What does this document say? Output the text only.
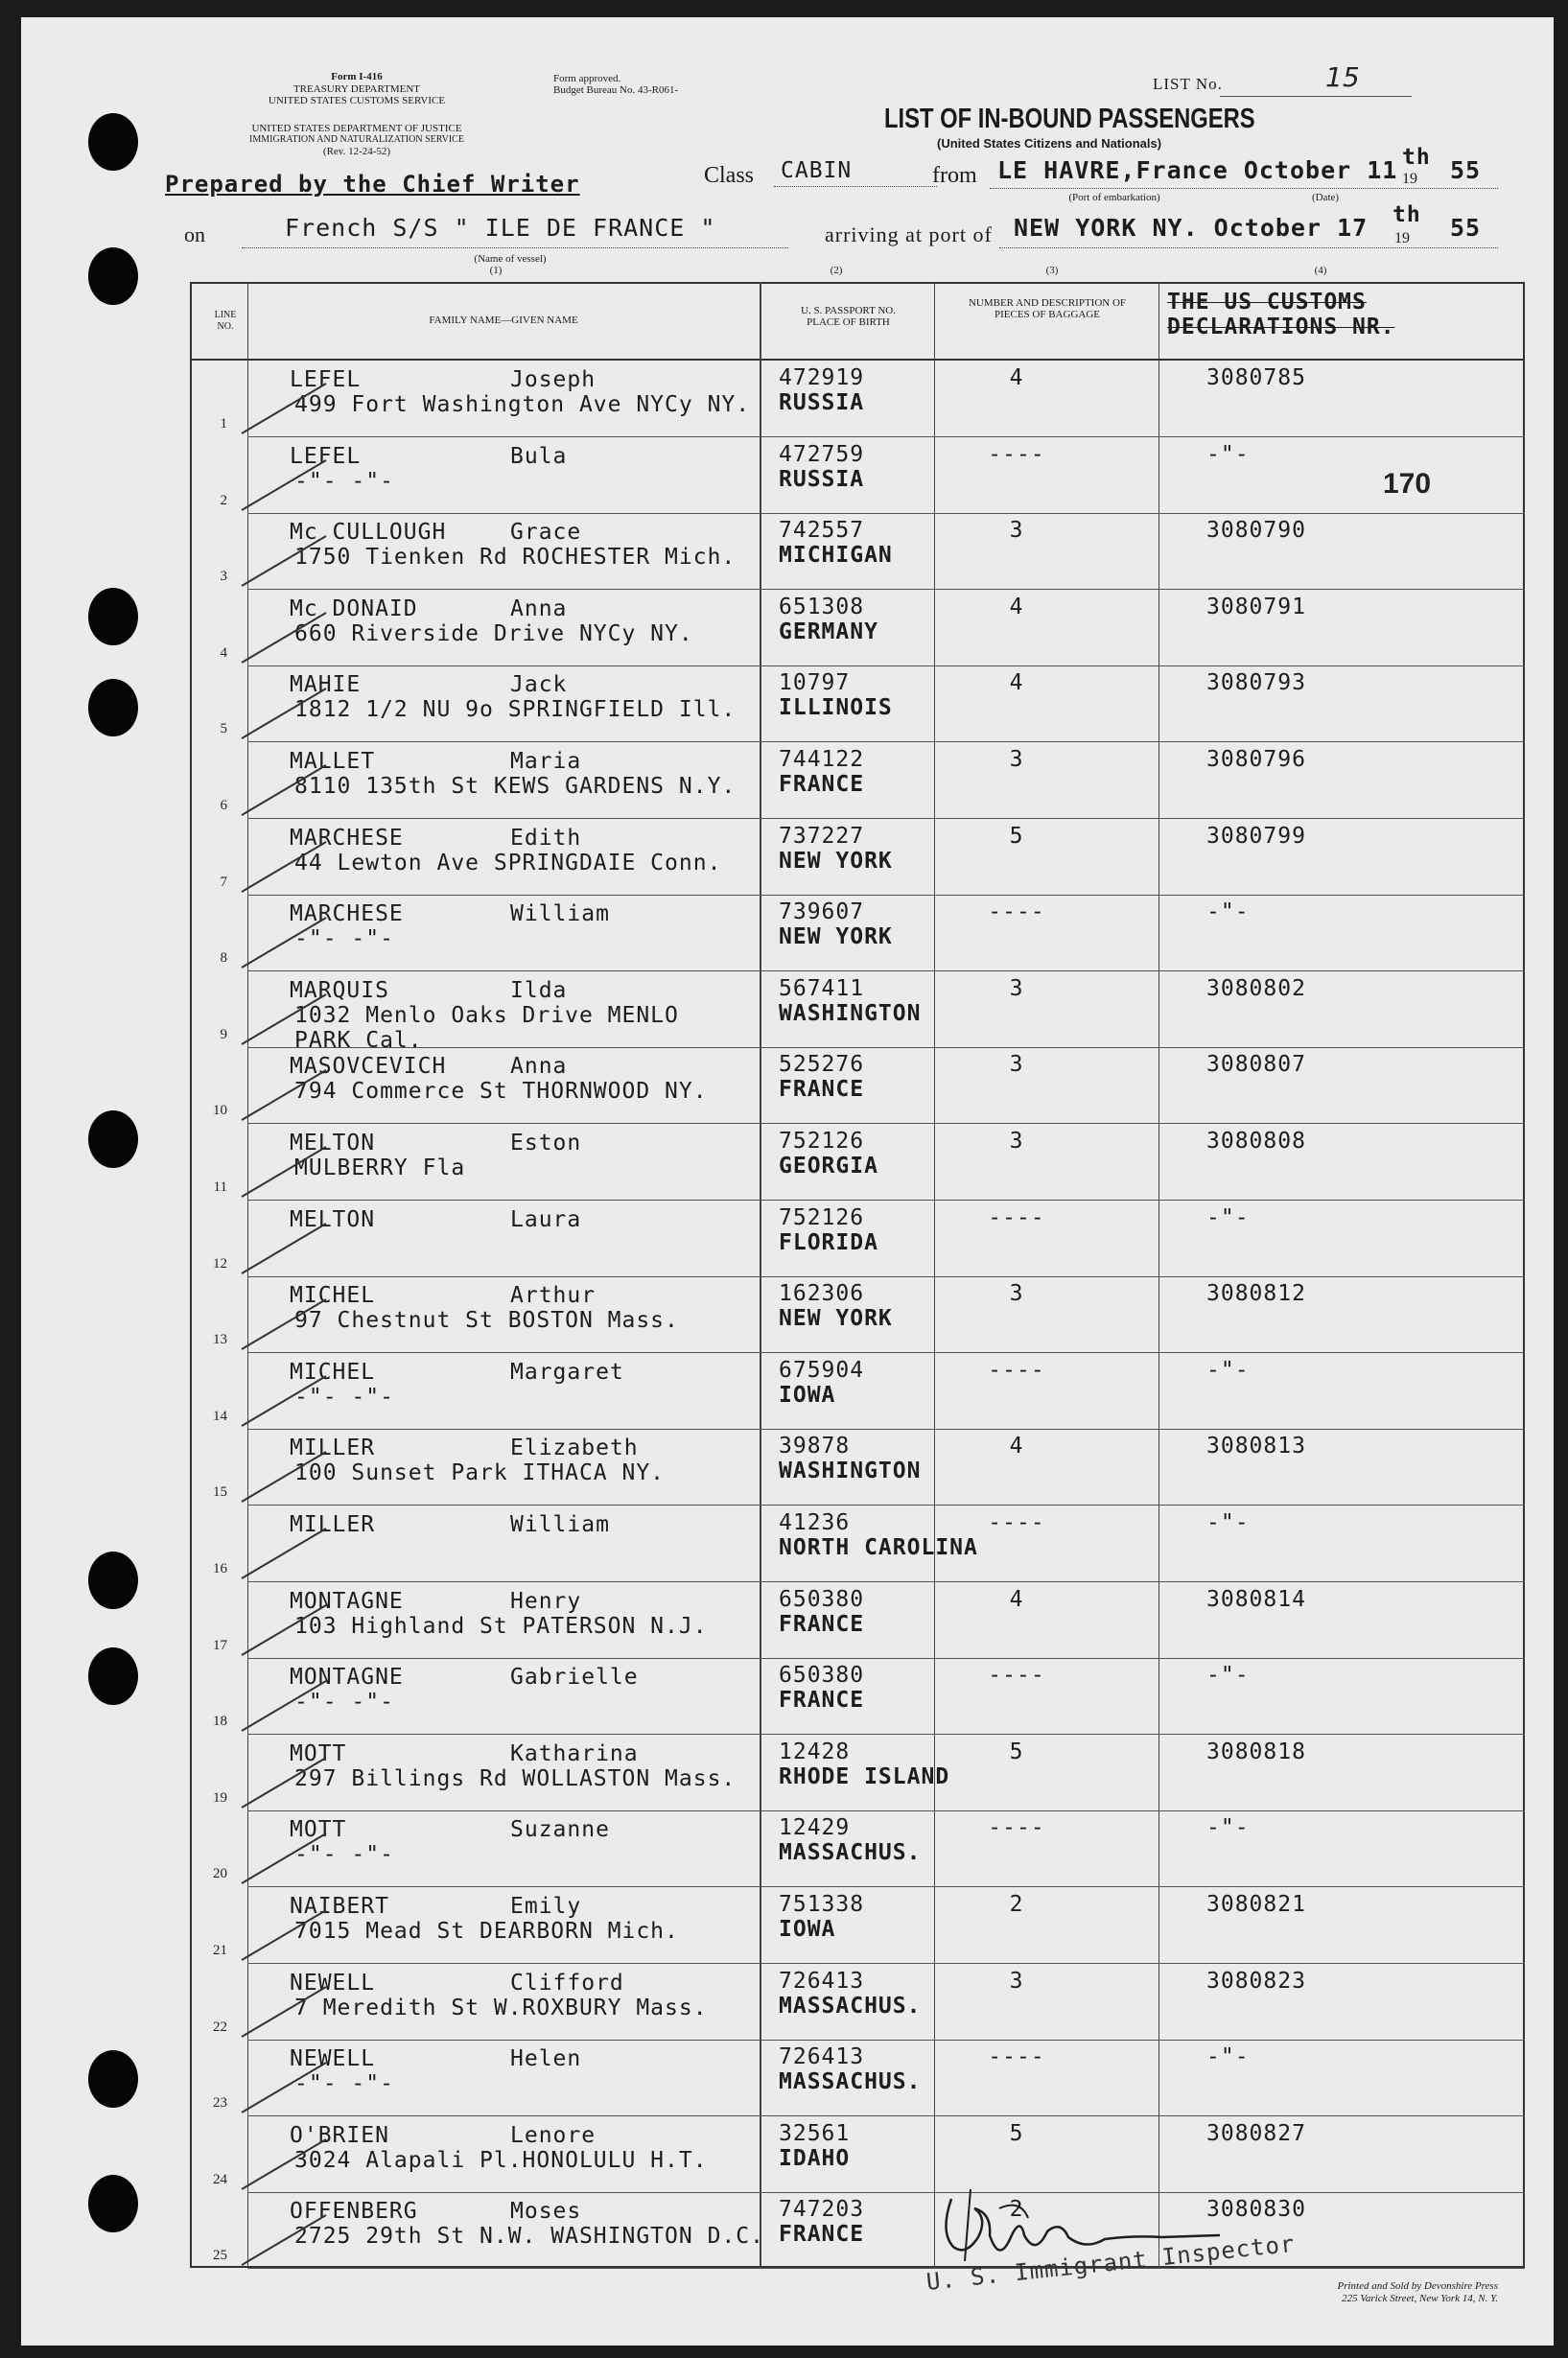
Form I-416
TREASURY DEPARTMENT
UNITED STATES CUSTOMS SERVICE
Form approved.
Budget Bureau No. 43-R061-
UNITED STATES DEPARTMENT OF JUSTICE
IMMIGRATION AND NATURALIZATION SERVICE
(Rev. 12-24-52)
LIST No.	15
LIST OF IN-BOUND PASSENGERS
(United States Citizens and Nationals)
Prepared by the Chief Writer	Class CABIN	from LE HAVRE,France October 11 th
19 55
(Port of embarkation)	(Date)
on	French S/S " ILE DE FRANCE "
(Name of vessel)
arriving at port of NEW YORK NY. October 17 th
19 55
(1)	(2)	(3)	(4)
LINE NO.
FAMILY NAME—GIVEN NAME
U. S. PASSPORT NO. PLACE OF BIRTH
NUMBER AND DESCRIPTION OF PIECES OF BAGGAGE	THE US CUSTOMS DECLARATIONS NR.
170
1
LEFEL	Joseph
499 Fort Washington Ave NYCy NY.
472919
RUSSIA
4	3080785
2
LEFEL	Bula
-"- -"-
472759
RUSSIA
----	-"-
3
Mc CULLOUGH	Grace
1750 Tienken Rd ROCHESTER Mich.
742557
MICHIGAN
3	3080790
4
Mc DONAID	Anna
660 Riverside Drive NYCy NY.
651308
GERMANY
4	3080791
5
MAHIE	Jack
1812 1/2 NU 9o SPRINGFIELD Ill.
10797
ILLINOIS
4	3080793
6
MALLET	Maria
8110 135th St KEWS GARDENS N.Y.
744122
FRANCE
3	3080796
7
MARCHESE	Edith
44 Lewton Ave SPRINGDAIE Conn.
737227
NEW YORK
5	3080799
8
MARCHESE	William
-"- -"-
739607
NEW YORK
----	-"-
9
MARQUIS	Ilda
1032 Menlo Oaks Drive MENLO
PARK Cal.
567411
WASHINGTON
3	3080802
10
MASOVCEVICH	Anna
794 Commerce St THORNWOOD NY.
525276
FRANCE
3	3080807
11
MELTON	Eston
MULBERRY Fla
752126
GEORGIA
3	3080808
12
MELTON	Laura	752126
FLORIDA
----	-"-
13
MICHEL	Arthur
97 Chestnut St BOSTON Mass.
162306
NEW YORK
3	3080812
14
MICHEL	Margaret
-"- -"-
675904
IOWA
----	-"-
15
MILLER	Elizabeth
100 Sunset Park ITHACA NY.
39878
WASHINGTON
4	3080813
16
MILLER	William	41236
NORTH CAROLINA
----	-"-
17
MONTAGNE	Henry
103 Highland St PATERSON N.J.
650380
FRANCE
4	3080814
18
MONTAGNE	Gabrielle
-"- -"-
650380
FRANCE
----	-"-
19
MOTT	Katharina
297 Billings Rd WOLLASTON Mass.
12428
RHODE ISLAND
5	3080818
20
MOTT	Suzanne
-"- -"-
12429
MASSACHUS.
----	-"-
21
NAIBERT	Emily
7015 Mead St DEARBORN Mich.
751338
IOWA
2	3080821
22
NEWELL	Clifford
7 Meredith St W.ROXBURY Mass.
726413
MASSACHUS.
3	3080823
23
NEWELL	Helen
-"- -"-
726413
MASSACHUS.
----	-"-
24
O'BRIEN	Lenore
3024 Alapali Pl.HONOLULU H.T.
32561
IDAHO
5	3080827
25
OFFENBERG	Moses
2725 29th St N.W. WASHINGTON D.C.
747203
FRANCE
2	3080830
U. S. Immigrant Inspector	Printed and Sold by Devonshire Press
225 Varick Street, New York 14, N. Y.
